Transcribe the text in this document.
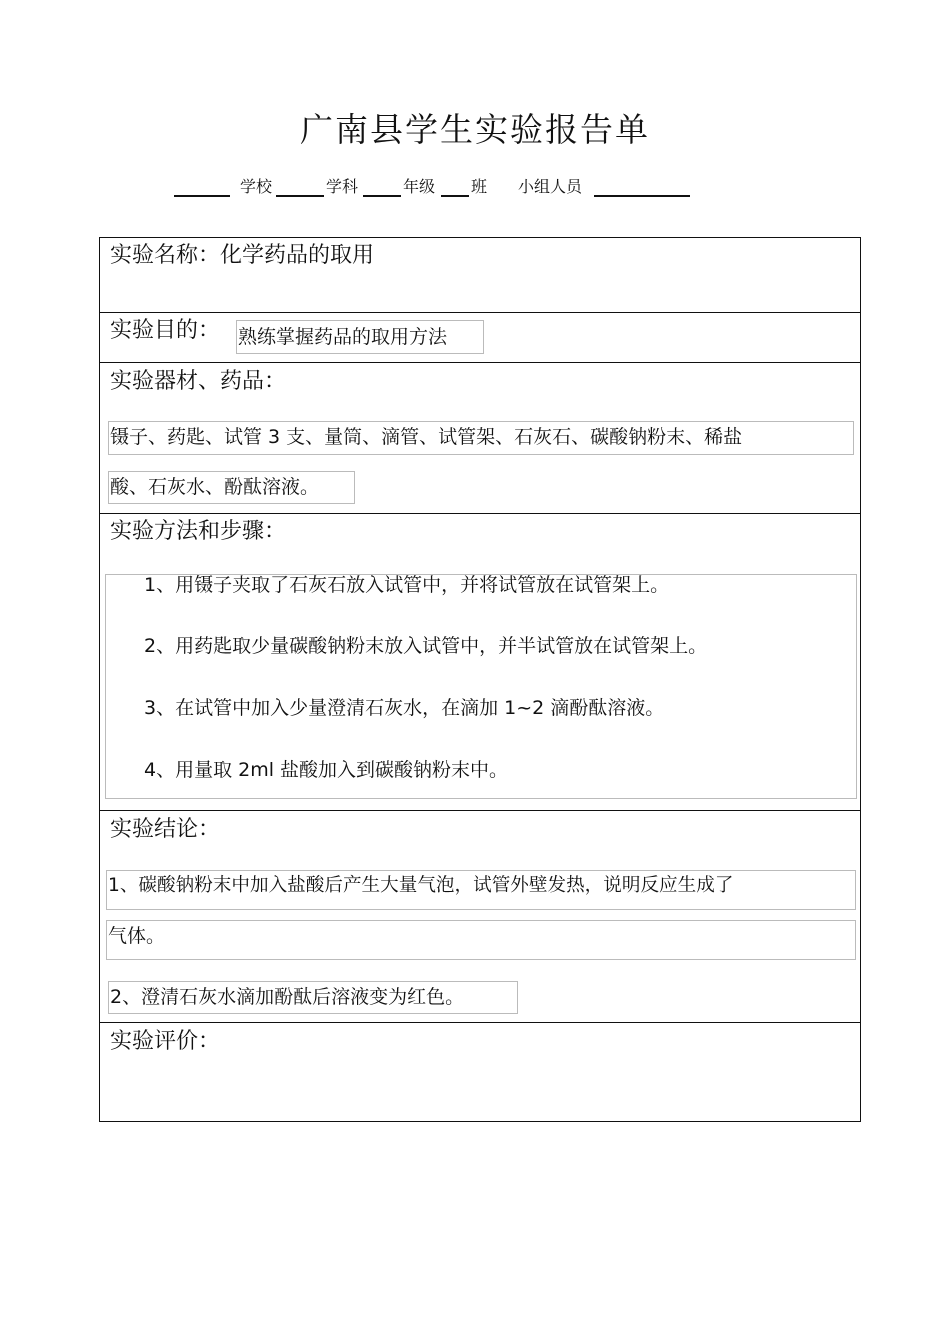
广南县学生实验报告单
学校	学科	年级 班 小组人员
实验名称：化学药品的取用
实验目的： 熟练掌握药品的取用方法
实验器材、药品：
镊子、药匙、试管 3 支、量筒、滴管、试管架、石灰石、碳酸钠粉末、稀盐
酸、石灰水、酚酞溶液。
实验方法和步骤：
1、用镊子夹取了石灰石放入试管中，并将试管放在试管架上。
2、用药匙取少量碳酸钠粉末放入试管中，并半试管放在试管架上。
3、在试管中加入少量澄清石灰水，在滴加 1~2 滴酚酞溶液。
4、用量取 2ml 盐酸加入到碳酸钠粉末中。
实验结论：
1、碳酸钠粉末中加入盐酸后产生大量气泡，试管外壁发热，说明反应生成了
气体。
2、澄清石灰水滴加酚酞后溶液变为红色。
实验评价：
